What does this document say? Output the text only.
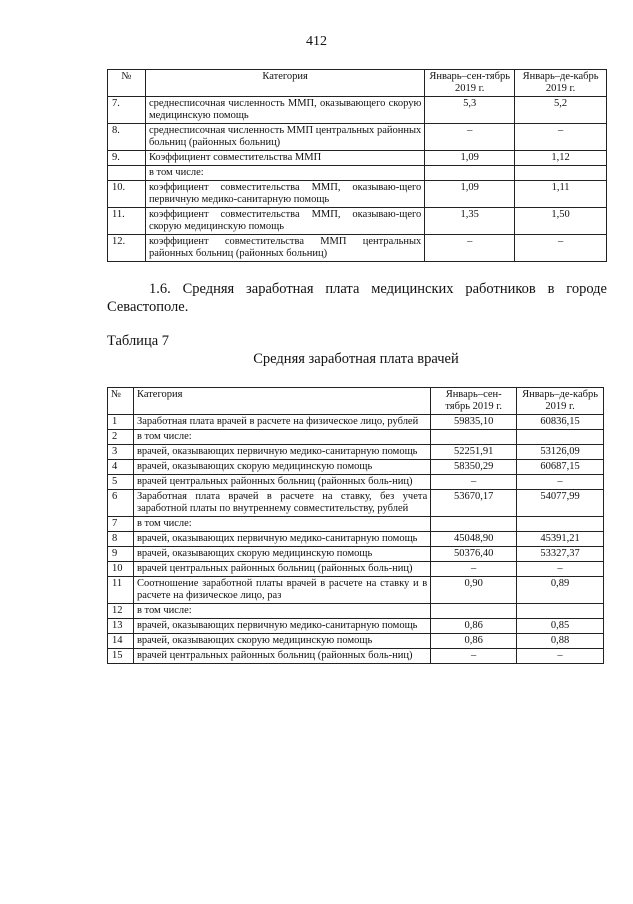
412
№	Категория	Январь–сен-тябрь 2019 г.	Январь–де-кабрь 2019 г.
7.	среднесписочная численность ММП, оказывающего скорую медицинскую помощь	5,3	5,2
8.	среднесписочная численность ММП центральных районных больниц (районных больниц)	–	–
9.	Коэффициент совместительства ММП	1,09	1,12
	в том числе:		
10.	коэффициент совместительства ММП, оказываю-щего первичную медико-санитарную помощь	1,09	1,11
11.	коэффициент совместительства ММП, оказываю-щего скорую медицинскую помощь	1,35	1,50
12.	коэффициент совместительства ММП центральных районных больниц (районных больниц)	–	–
1.6. Средняя заработная плата медицинских работников в городе Севастополе.
Таблица 7
Средняя заработная плата врачей
№	Категория	Январь–сен-тябрь 2019 г.	Январь–де-кабрь 2019 г.
1	Заработная плата врачей в расчете на физическое лицо, рублей	59835,10	60836,15
2	в том числе:		
3	врачей, оказывающих первичную медико-санитарную помощь	52251,91	53126,09
4	врачей, оказывающих скорую медицинскую помощь	58350,29	60687,15
5	врачей центральных районных больниц (районных боль-ниц)	–	–
6	Заработная плата врачей в расчете на ставку, без учета заработной платы по внутреннему совместительству, рублей	53670,17	54077,99
7	в том числе:		
8	врачей, оказывающих первичную медико-санитарную помощь	45048,90	45391,21
9	врачей, оказывающих скорую медицинскую помощь	50376,40	53327,37
10	врачей центральных районных больниц (районных боль-ниц)	–	–
11	Соотношение заработной платы врачей в расчете на ставку и в расчете на физическое лицо, раз	0,90	0,89
12	в том числе:		
13	врачей, оказывающих первичную медико-санитарную помощь	0,86	0,85
14	врачей, оказывающих скорую медицинскую помощь	0,86	0,88
15	врачей центральных районных больниц (районных боль-ниц)	–	–
